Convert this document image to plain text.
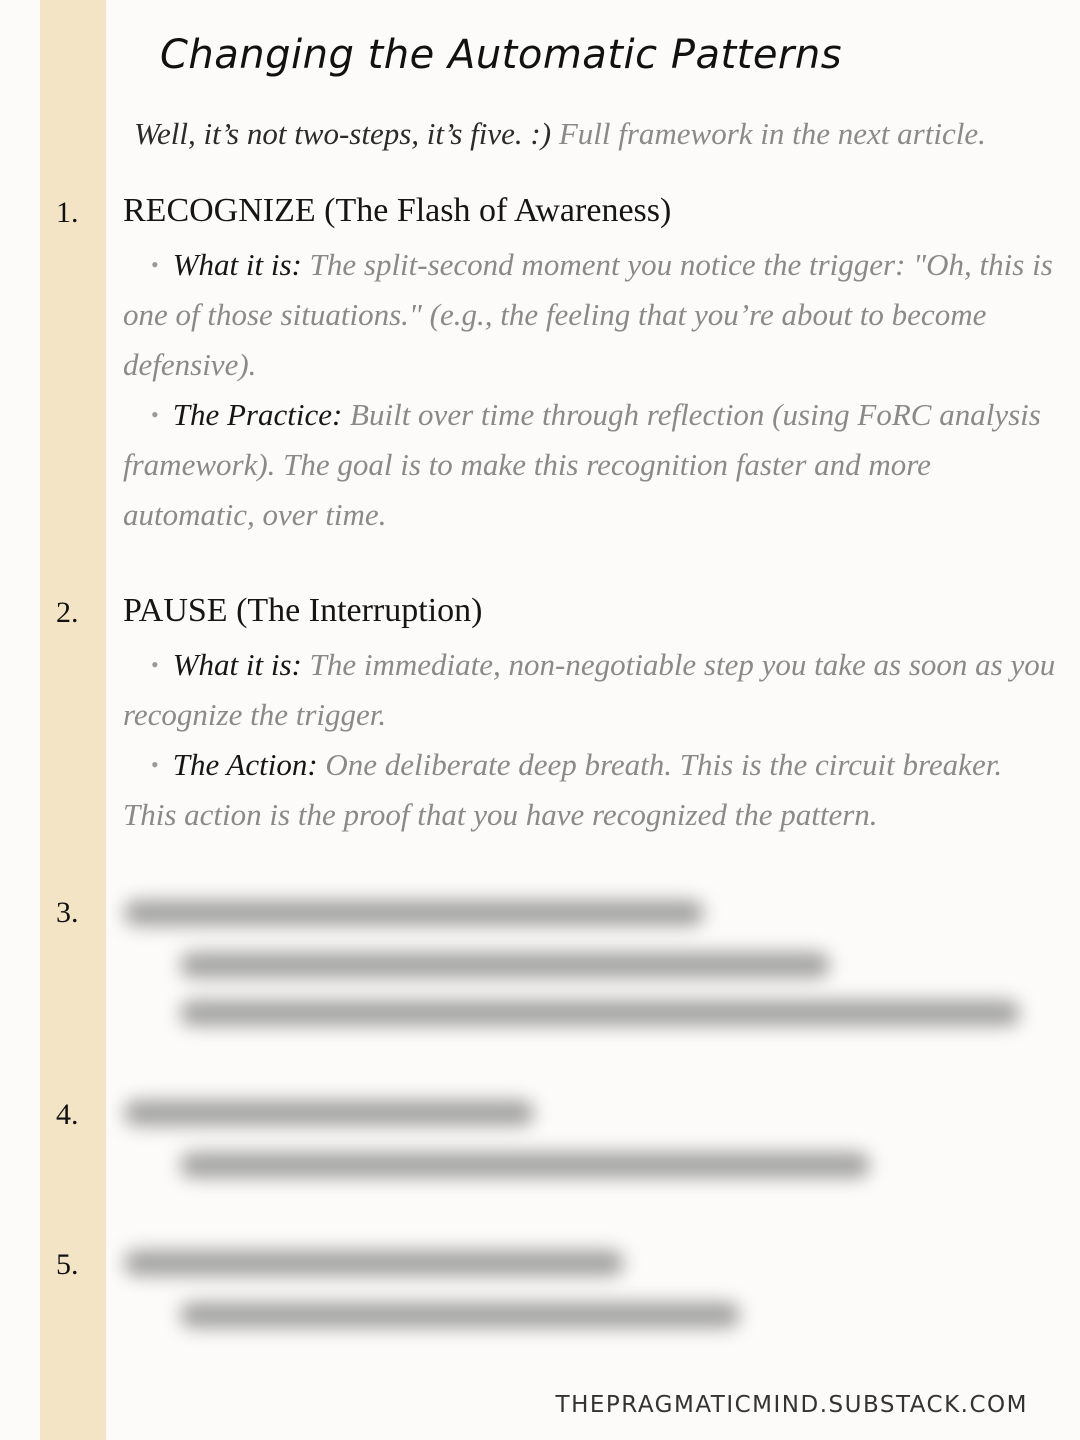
Changing the Automatic Patterns
Well, it’s not two-steps, it’s five. :) Full framework in the next article.
1. RECOGNIZE (The Flash of Awareness)
• What it is: The split-second moment you notice the trigger: "Oh, this is one of those situations." (e.g., the feeling that you’re about to become defensive).
• The Practice: Built over time through reflection (using FoRC analysis framework). The goal is to make this recognition faster and more automatic, over time.
2. PAUSE (The Interruption)
• What it is: The immediate, non-negotiable step you take as soon as you recognize the trigger.
• The Action: One deliberate deep breath. This is the circuit breaker. This action is the proof that you have recognized the pattern.
3.
4.
5.
THEPRAGMATICMIND.SUBSTACK.COM
